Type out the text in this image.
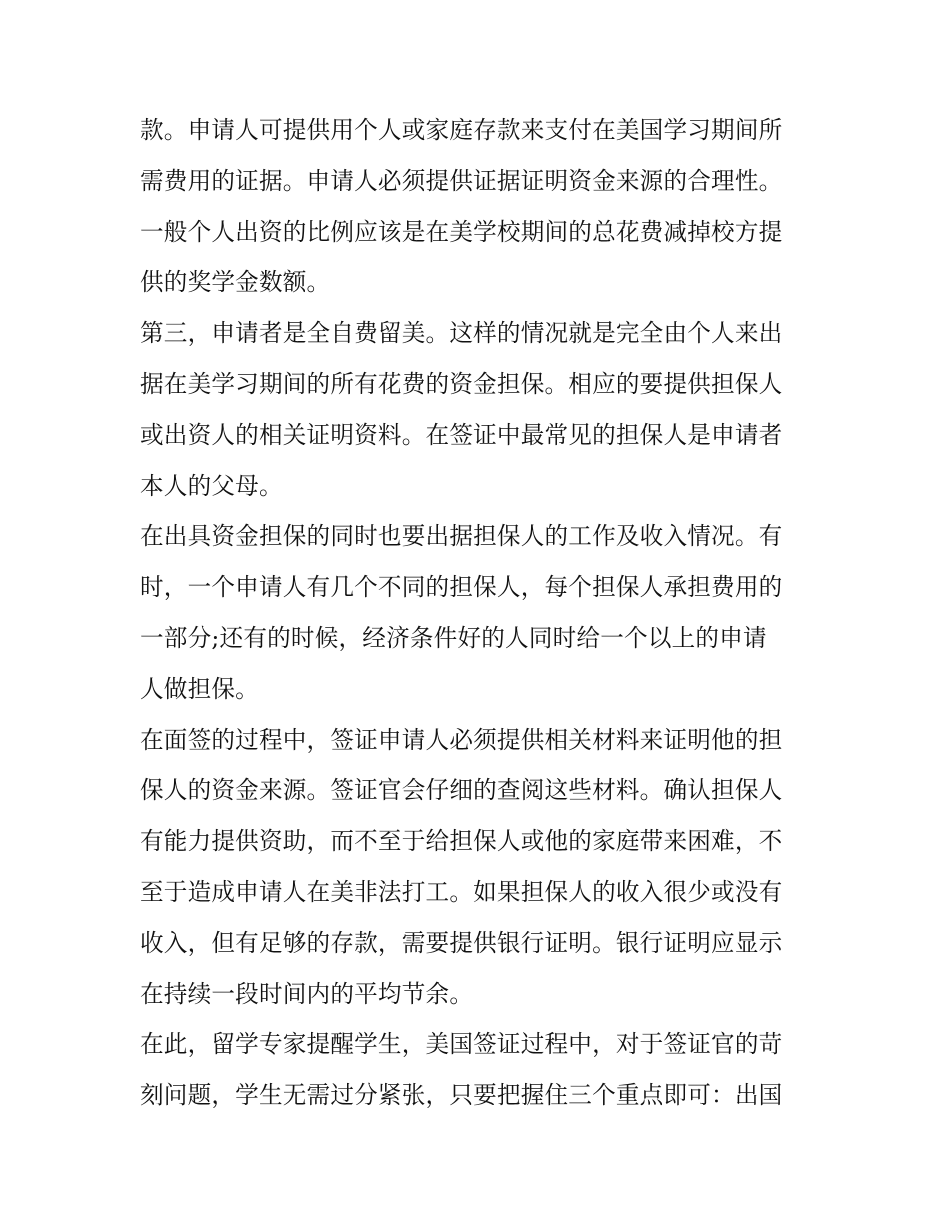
款。申请人可提供用个人或家庭存款来支付在美国学习期间所
需费用的证据。申请人必须提供证据证明资金来源的合理性。
一般个人出资的比例应该是在美学校期间的总花费减掉校方提
供的奖学金数额。
第三，申请者是全自费留美。这样的情况就是完全由个人来出
据在美学习期间的所有花费的资金担保。相应的要提供担保人
或出资人的相关证明资料。在签证中最常见的担保人是申请者
本人的父母。
在出具资金担保的同时也要出据担保人的工作及收入情况。有
时，一个申请人有几个不同的担保人，每个担保人承担费用的
一部分;还有的时候，经济条件好的人同时给一个以上的申请
人做担保。
在面签的过程中，签证申请人必须提供相关材料来证明他的担
保人的资金来源。签证官会仔细的查阅这些材料。确认担保人
有能力提供资助，而不至于给担保人或他的家庭带来困难，不
至于造成申请人在美非法打工。如果担保人的收入很少或没有
收入，但有足够的存款，需要提供银行证明。银行证明应显示
在持续一段时间内的平均节余。
在此，留学专家提醒学生，美国签证过程中，对于签证官的苛
刻问题，学生无需过分紧张，只要把握住三个重点即可：出国
